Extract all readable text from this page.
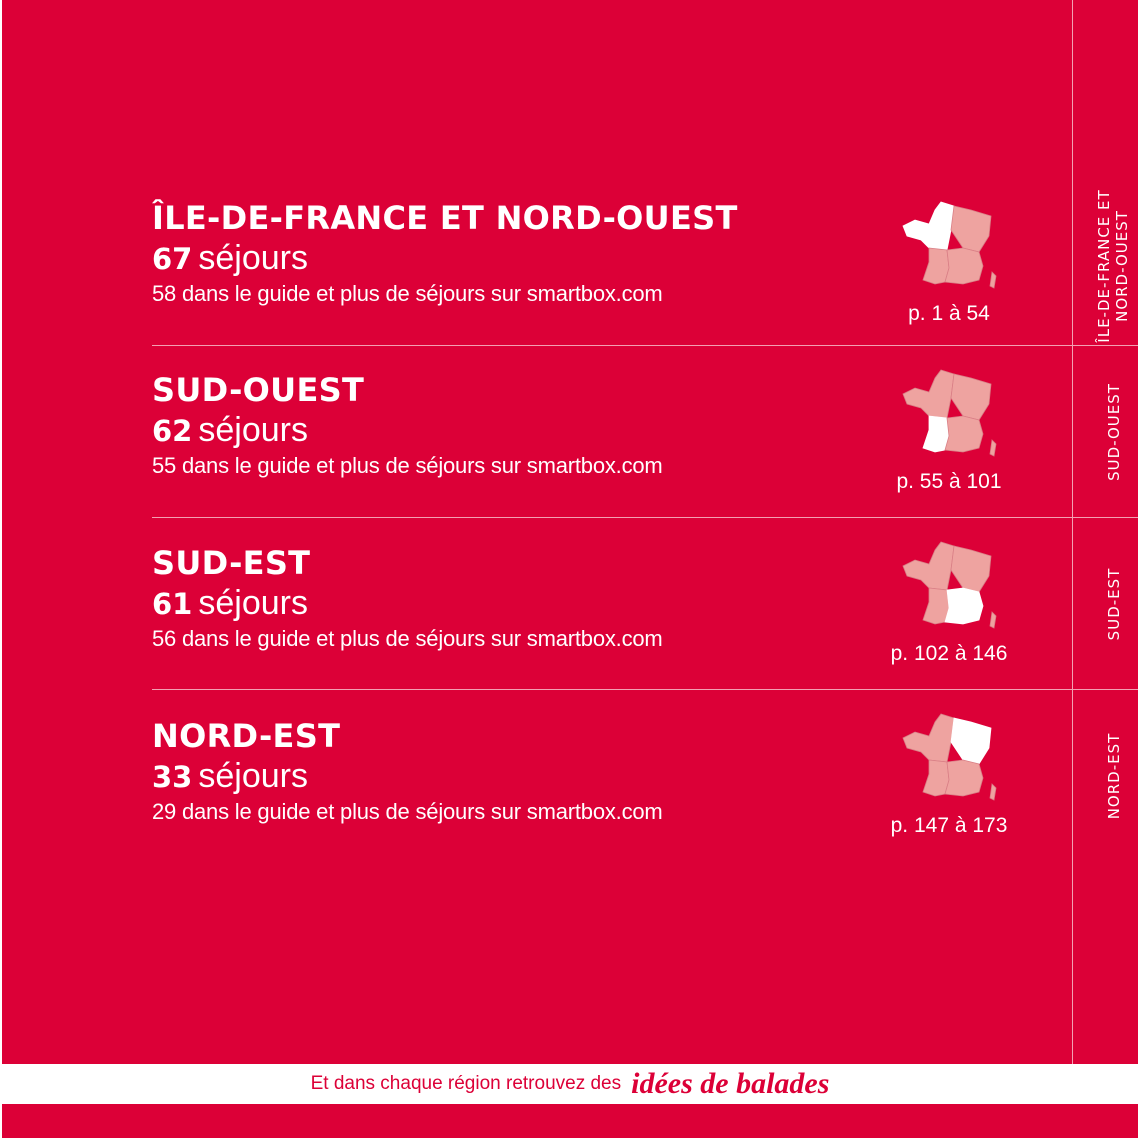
ÎLE-DE-FRANCE ET NORD-OUEST
67 séjours
58 dans le guide et plus de séjours sur smartbox.com
p. 1 à 54
SUD-OUEST
62 séjours
55 dans le guide et plus de séjours sur smartbox.com
p. 55 à 101
SUD-EST
61 séjours
56 dans le guide et plus de séjours sur smartbox.com
p. 102 à 146
NORD-EST
33 séjours
29 dans le guide et plus de séjours sur smartbox.com
p. 147 à 173
ÎLE-DE-FRANCE ET NORD-OUEST
SUD-OUEST
SUD-EST
NORD-EST
Et dans chaque région retrouvez des idées de balades
